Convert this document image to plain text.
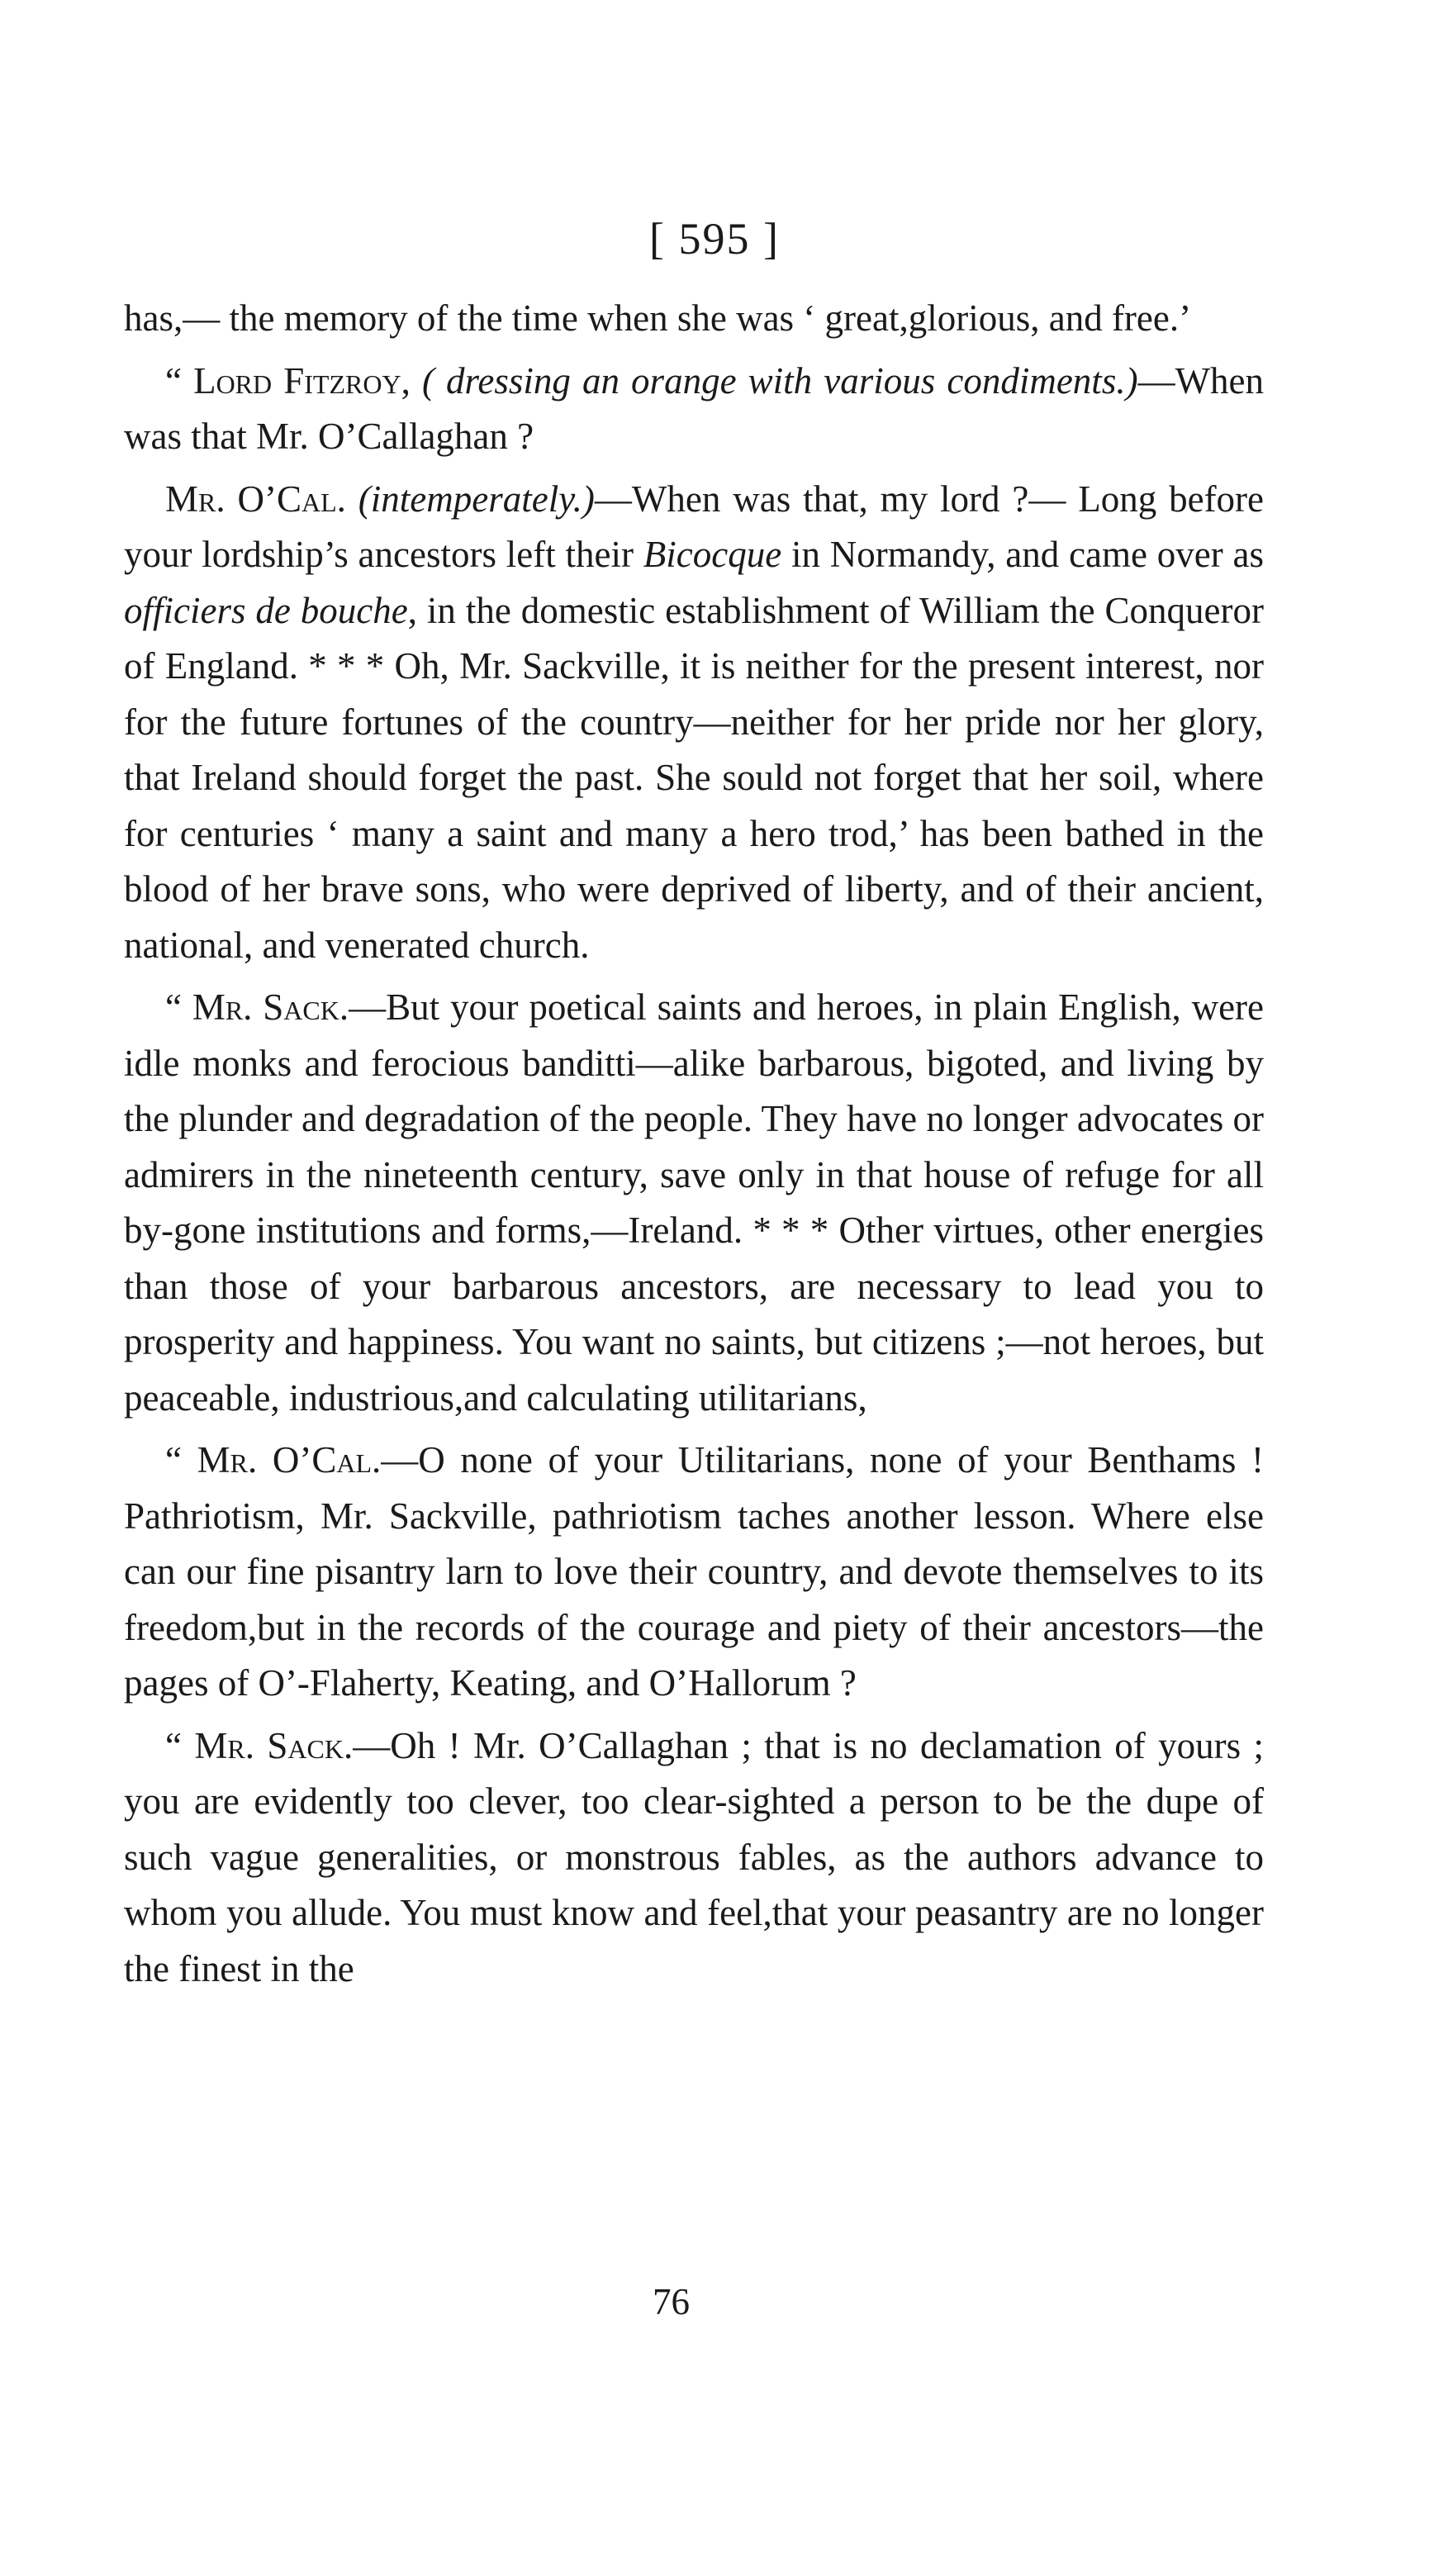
[ 595 ]

has,— the memory of the time when she was ‘ great,glorious, and free.’

“ Lord Fitzroy, ( dressing an orange with various condiments.)—When was that Mr. O’Callaghan ?

Mr. O’Cal. (intemperately.)—When was that, my lord ?— Long before your lordship’s ancestors left their Bicocque in Normandy, and came over as officiers de bouche, in the domestic establishment of William the Conqueror of England. * * * Oh, Mr. Sackville, it is neither for the present interest, nor for the future fortunes of the country—neither for her pride nor her glory, that Ireland should forget the past. She sould not forget that her soil, where for centuries ‘ many a saint and many a hero trod,’ has been bathed in the blood of her brave sons, who were deprived of liberty, and of their ancient, national, and venerated church.

“ Mr. Sack.—But your poetical saints and heroes, in plain English, were idle monks and ferocious banditti—alike barbarous, bigoted, and living by the plunder and degradation of the people. They have no longer advocates or admirers in the nineteenth century, save only in that house of refuge for all by-gone institutions and forms,—Ireland. * * * Other virtues, other energies than those of your barbarous ancestors, are necessary to lead you to prosperity and happiness. You want no saints, but citizens ;—not heroes, but peaceable, industrious,and calculating utilitarians,

“ Mr. O’Cal.—O none of your Utilitarians, none of your Benthams ! Pathriotism, Mr. Sackville, pathriotism taches another lesson. Where else can our fine pisantry larn to love their country, and devote themselves to its freedom,but in the records of the courage and piety of their ancestors—the pages of O’-Flaherty, Keating, and O’Hallorum ?

“ Mr. Sack.—Oh ! Mr. O’Callaghan ; that is no declamation of yours ; you are evidently too clever, too clear-sighted a person to be the dupe of such vague generalities, or monstrous fables, as the authors advance to whom you allude. You must know and feel,that your peasantry are no longer the finest in the

76
